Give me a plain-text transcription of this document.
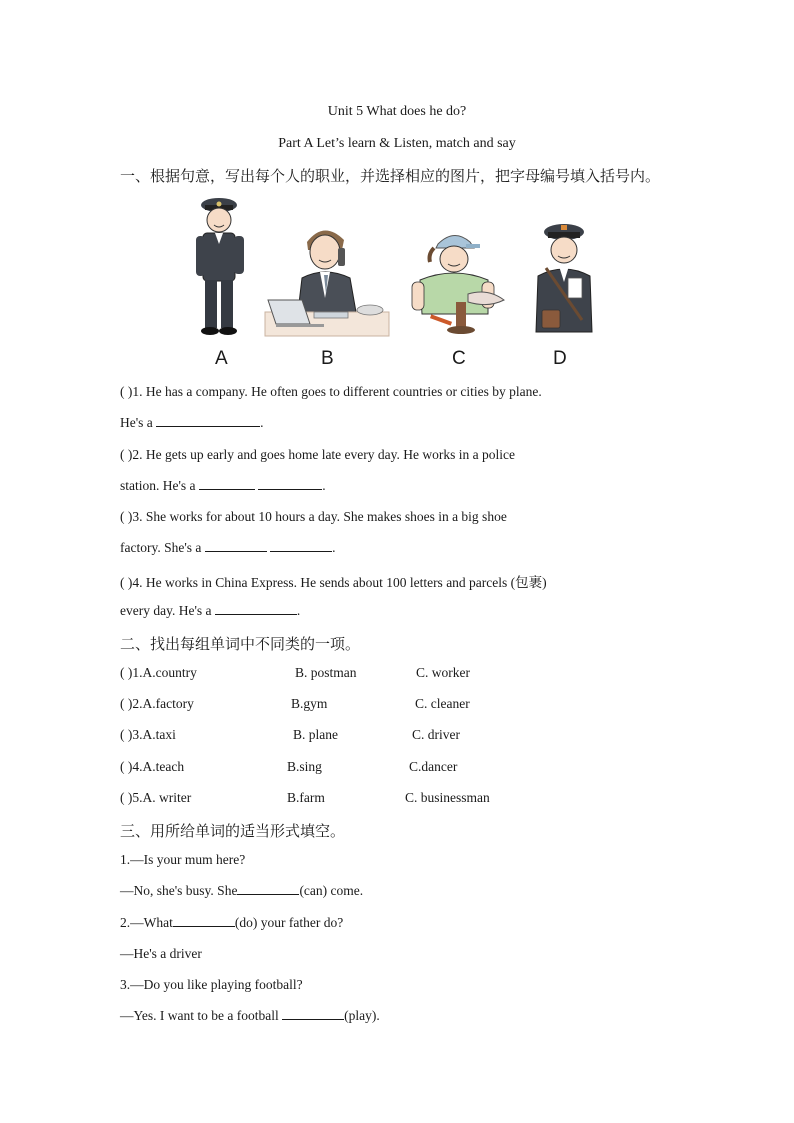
Unit 5 What does he do?
Part A Let’s learn & Listen, match and say
一、根据句意，写出每个人的职业，并选择相应的图片，把字母编号填入括号内。
A	B	C	D
( )1. He has a company. He often goes to different countries or cities by plane.
He's a	.
( )2. He gets up early and goes home late every day. He works in a police
station. He's a	.
( )3. She works for about 10 hours a day. She makes shoes in a big shoe
factory. She's a	.
( )4. He works in China Express. He sends about 100 letters and parcels (包裹)
every day. He's a	.
二、找出每组单词中不同类的一项。
( )1.A.country	B. postman	C. worker
( )2.A.factory	B.gym	C. cleaner
( )3.A.taxi	B. plane	C. driver
( )4.A.teach	B.sing	C.dancer
( )5.A. writer	B.farm	C. businessman
三、用所给单词的适当形式填空。
1.—Is your mum here?
—No, she's busy. She	(can) come.
2.—What	(do) your father do?
—He's a driver
3.—Do you like playing football?
—Yes. I want to be a football	(play).
